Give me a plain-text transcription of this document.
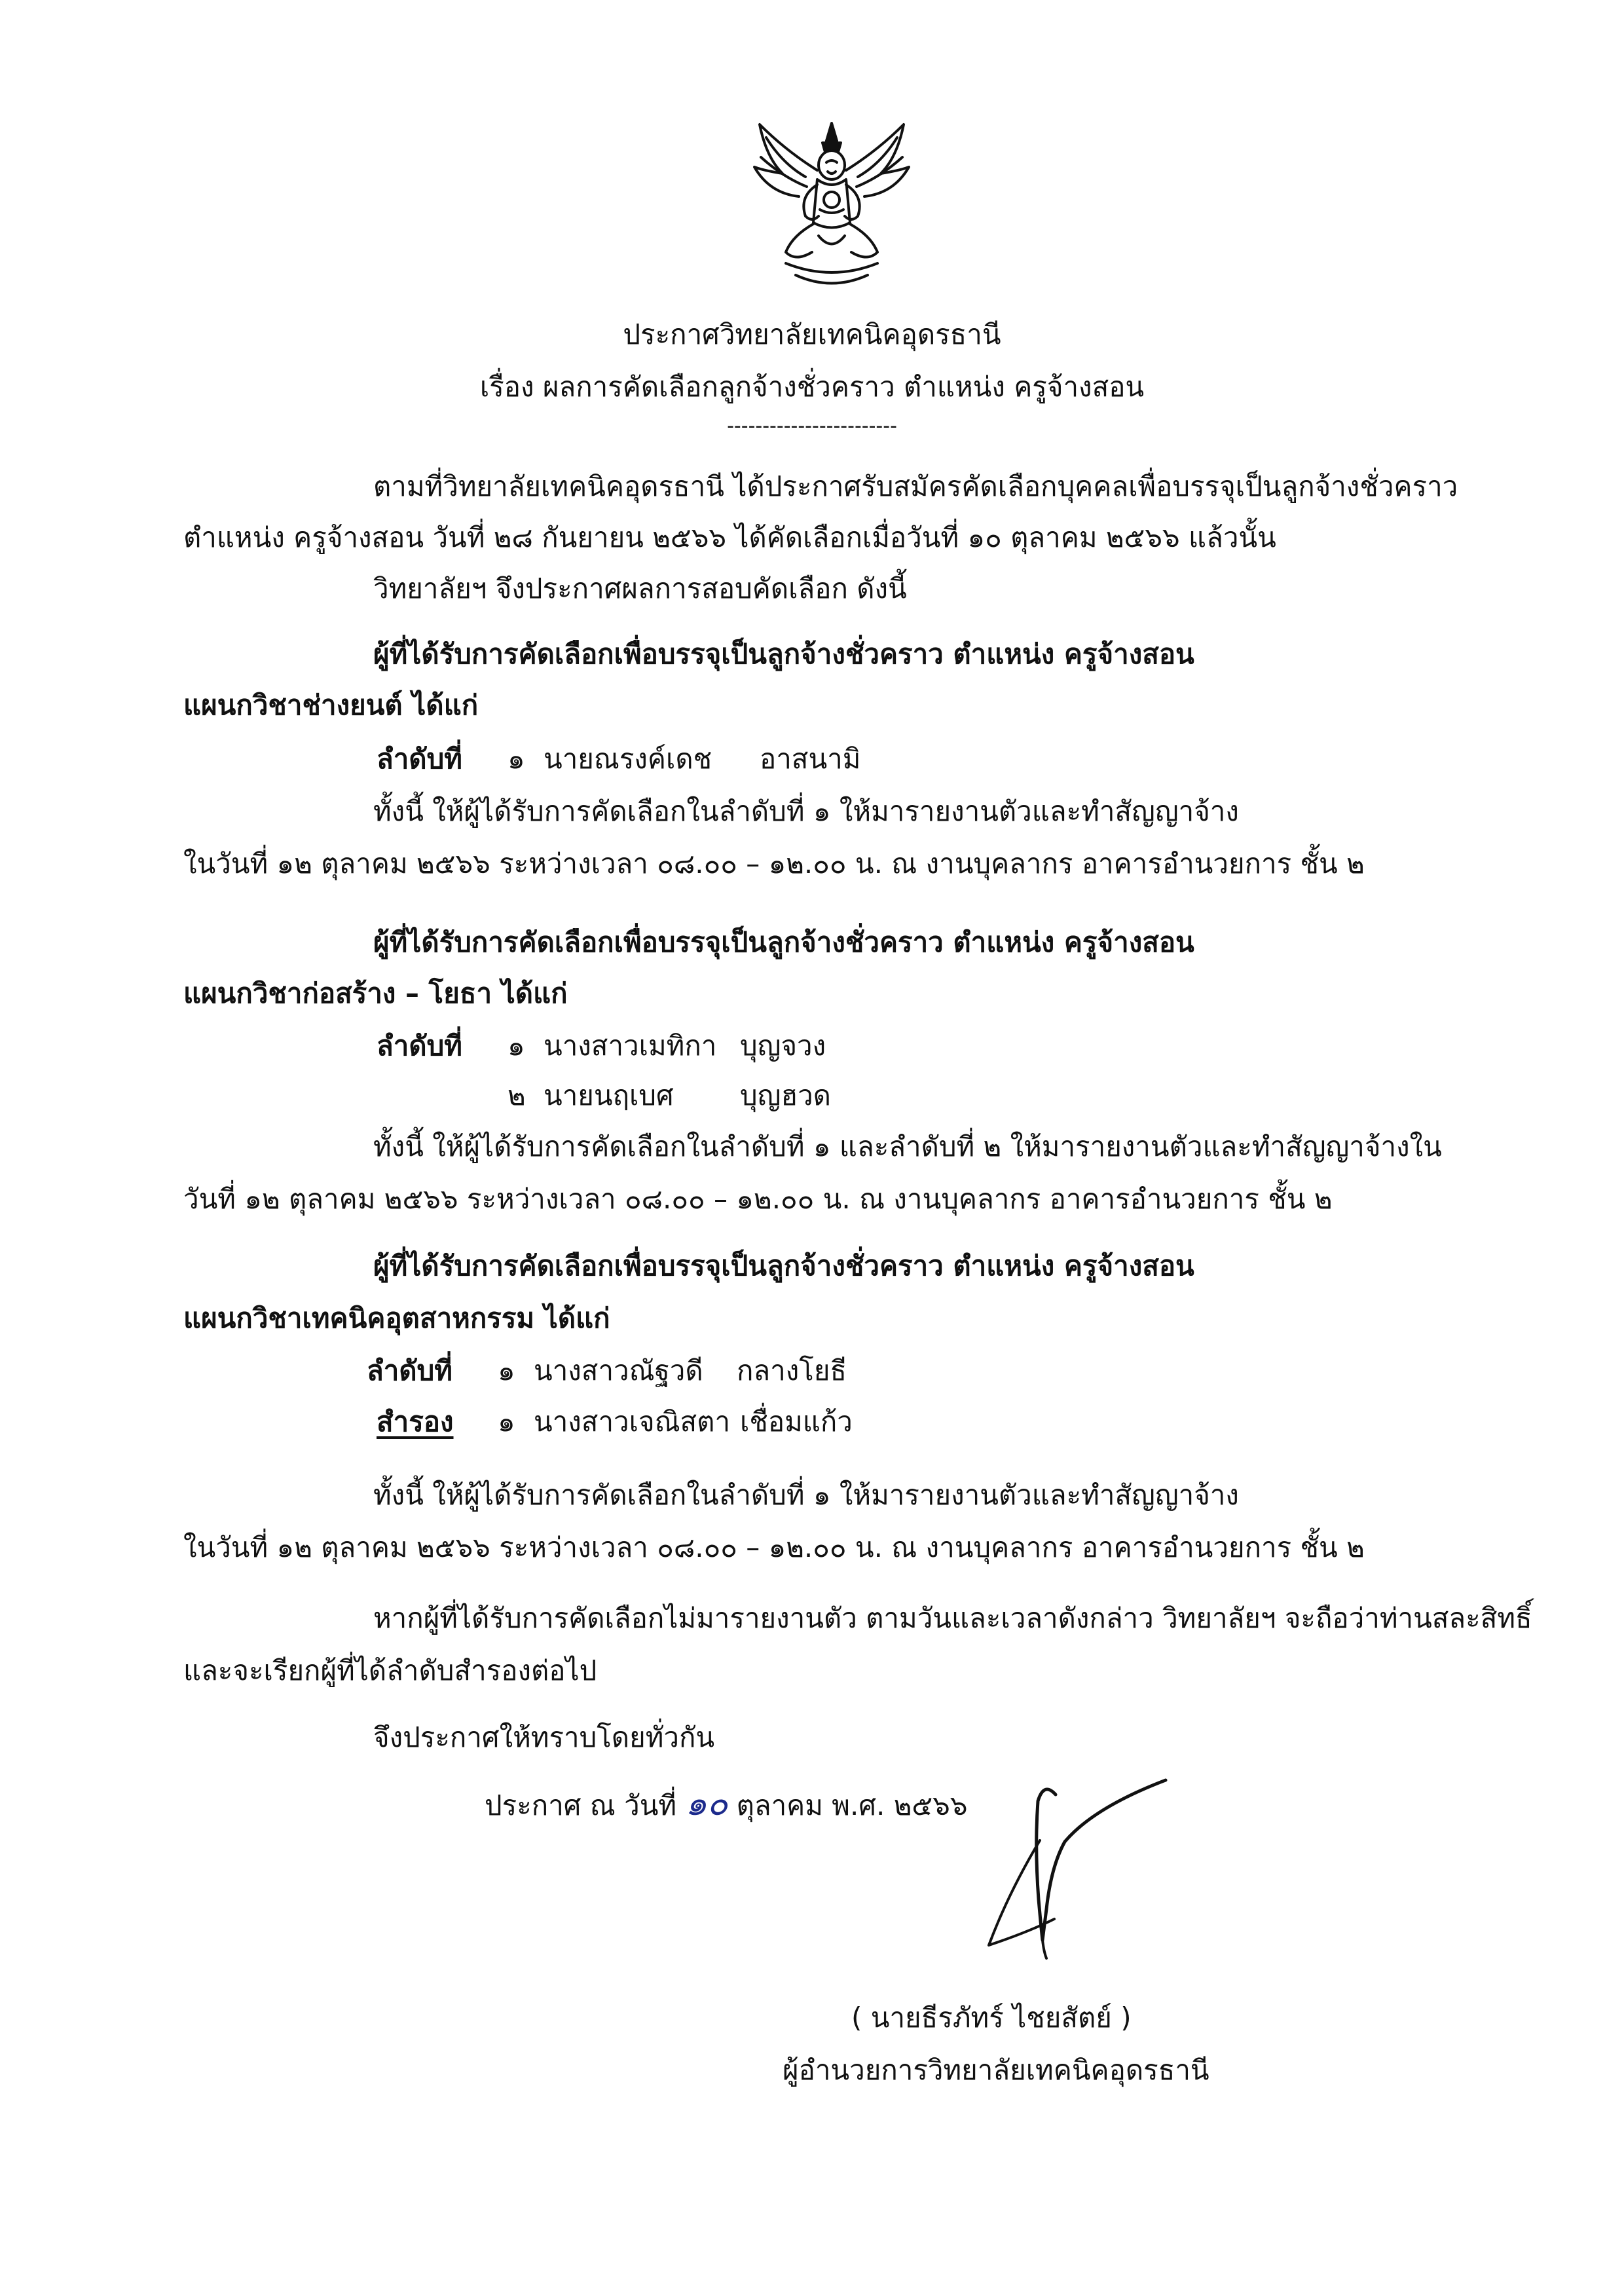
ประกาศวิทยาลัยเทคนิคอุดรธานี
เรื่อง ผลการคัดเลือกลูกจ้างชั่วคราว ตำแหน่ง ครูจ้างสอน
------------------------
ตามที่วิทยาลัยเทคนิคอุดรธานี ได้ประกาศรับสมัครคัดเลือกบุคคลเพื่อบรรจุเป็นลูกจ้างชั่วคราว
ตำแหน่ง ครูจ้างสอน วันที่ ๒๘ กันยายน ๒๕๖๖ ได้คัดเลือกเมื่อวันที่ ๑๐ ตุลาคม ๒๕๖๖ แล้วนั้น
วิทยาลัยฯ จึงประกาศผลการสอบคัดเลือก ดังนี้
ผู้ที่ได้รับการคัดเลือกเพื่อบรรจุเป็นลูกจ้างชั่วคราว ตำแหน่ง ครูจ้างสอน
แผนกวิชาช่างยนต์ ได้แก่
ลำดับที่ ๑ นายณรงค์เดช อาสนามิ
ทั้งนี้ ให้ผู้ได้รับการคัดเลือกในลำดับที่ ๑ ให้มารายงานตัวและทำสัญญาจ้าง
ในวันที่ ๑๒ ตุลาคม ๒๕๖๖ ระหว่างเวลา ๐๘.๐๐ – ๑๒.๐๐ น. ณ งานบุคลากร อาคารอำนวยการ ชั้น ๒
ผู้ที่ได้รับการคัดเลือกเพื่อบรรจุเป็นลูกจ้างชั่วคราว ตำแหน่ง ครูจ้างสอน
แผนกวิชาก่อสร้าง – โยธา ได้แก่
ลำดับที่ ๑ นางสาวเมทิกา บุญจวง
๒ นายนฤเบศ บุญฮวด
ทั้งนี้ ให้ผู้ได้รับการคัดเลือกในลำดับที่ ๑ และลำดับที่ ๒ ให้มารายงานตัวและทำสัญญาจ้างใน
วันที่ ๑๒ ตุลาคม ๒๕๖๖ ระหว่างเวลา ๐๘.๐๐ – ๑๒.๐๐ น. ณ งานบุคลากร อาคารอำนวยการ ชั้น ๒
ผู้ที่ได้รับการคัดเลือกเพื่อบรรจุเป็นลูกจ้างชั่วคราว ตำแหน่ง ครูจ้างสอน
แผนกวิชาเทคนิคอุตสาหกรรม ได้แก่
ลำดับที่ ๑ นางสาวณัฐวดี กลางโยธี
สำรอง ๑ นางสาวเจณิสตา เชื่อมแก้ว
ทั้งนี้ ให้ผู้ได้รับการคัดเลือกในลำดับที่ ๑ ให้มารายงานตัวและทำสัญญาจ้าง
ในวันที่ ๑๒ ตุลาคม ๒๕๖๖ ระหว่างเวลา ๐๘.๐๐ – ๑๒.๐๐ น. ณ งานบุคลากร อาคารอำนวยการ ชั้น ๒
หากผู้ที่ได้รับการคัดเลือกไม่มารายงานตัว ตามวันและเวลาดังกล่าว วิทยาลัยฯ จะถือว่าท่านสละสิทธิ์
และจะเรียกผู้ที่ได้ลำดับสำรองต่อไป
จึงประกาศให้ทราบโดยทั่วกัน
ประกาศ ณ วันที่ ๑๐ ตุลาคม พ.ศ. ๒๕๖๖
( นายธีรภัทร์ ไชยสัตย์ )
ผู้อำนวยการวิทยาลัยเทคนิคอุดรธานี
